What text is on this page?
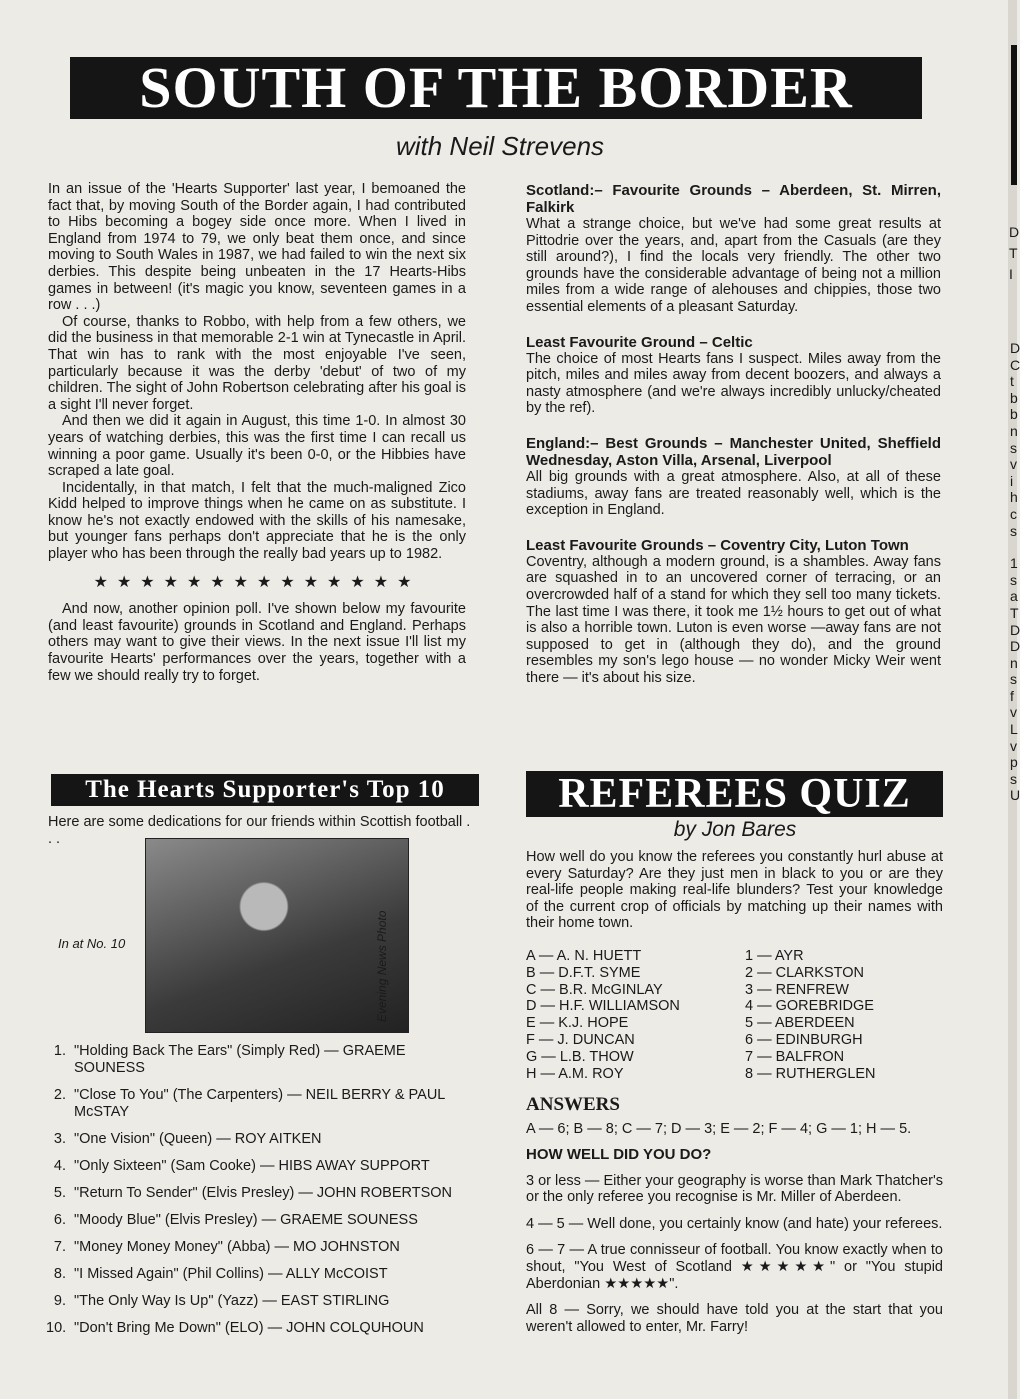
SOUTH OF THE BORDER
with Neil Strevens

In an issue of the 'Hearts Supporter' last year, I bemoaned the fact that, by moving South of the Border again, I had contributed to Hibs becoming a bogey side once more. When I lived in England from 1974 to 79, we only beat them once, and since moving to South Wales in 1987, we had failed to win the next six derbies. This despite being unbeaten in the 17 Hearts-Hibs games in between! (it's magic you know, seventeen games in a row . . .)

Of course, thanks to Robbo, with help from a few others, we did the business in that memorable 2-1 win at Tynecastle in April. That win has to rank with the most enjoyable I've seen, particularly because it was the derby 'debut' of two of my children. The sight of John Robertson celebrating after his goal is a sight I'll never forget.

And then we did it again in August, this time 1-0. In almost 30 years of watching derbies, this was the first time I can recall us winning a poor game. Usually it's been 0-0, or the Hibbies have scraped a late goal.

Incidentally, in that match, I felt that the much-maligned Zico Kidd helped to improve things when he came on as substitute. I know he's not exactly endowed with the skills of his namesake, but younger fans perhaps don't appreciate that he is the only player who has been through the really bad years up to 1982.

★★★★★★★★★★★★★★

And now, another opinion poll. I've shown below my favourite (and least favourite) grounds in Scotland and England. Perhaps others may want to give their views. In the next issue I'll list my favourite Hearts' performances over the years, together with a few we should really try to forget.

Scotland:– Favourite Grounds – Aberdeen, St. Mirren, Falkirk

What a strange choice, but we've had some great results at Pittodrie over the years, and, apart from the Casuals (are they still around?), I find the locals very friendly. The other two grounds have the considerable advantage of being not a million miles from a wide range of alehouses and chippies, those two essential elements of a pleasant Saturday.

Least Favourite Ground – Celtic

The choice of most Hearts fans I suspect. Miles away from the pitch, miles and miles away from decent boozers, and always a nasty atmosphere (and we're always incredibly unlucky/cheated by the ref).

England:– Best Grounds – Manchester United, Sheffield Wednesday, Aston Villa, Arsenal, Liverpool

All big grounds with a great atmosphere. Also, at all of these stadiums, away fans are treated reasonably well, which is the exception in England.

Least Favourite Grounds – Coventry City, Luton Town

Coventry, although a modern ground, is a shambles. Away fans are squashed in to an uncovered corner of terracing, or an overcrowded half of a stand for which they sell too many tickets. The last time I was there, it took me 1½ hours to get out of what is also a horrible town. Luton is even worse —away fans are not supposed to get in (although they do), and the ground resembles my son's lego house — no wonder Micky Weir went there — it's about his size.

The Hearts Supporter's Top 10
Here are some dedications for our friends within Scottish football . . .
In at No. 10	Evening News Photo
1. "Holding Back The Ears" (Simply Red) — GRAEME SOUNESS
2. "Close To You" (The Carpenters) — NEIL BERRY & PAUL McSTAY
3. "One Vision" (Queen) — ROY AITKEN
4. "Only Sixteen" (Sam Cooke) — HIBS AWAY SUPPORT
5. "Return To Sender" (Elvis Presley) — JOHN ROBERTSON
6. "Moody Blue" (Elvis Presley) — GRAEME SOUNESS
7. "Money Money Money" (Abba) — MO JOHNSTON
8. "I Missed Again" (Phil Collins) — ALLY McCOIST
9. "The Only Way Is Up" (Yazz) — EAST STIRLING
10. "Don't Bring Me Down" (ELO) — JOHN COLQUHOUN
REFEREES QUIZ
by Jon Bares

How well do you know the referees you constantly hurl abuse at every Saturday? Are they just men in black to you or are they real-life people making real-life blunders? Test your knowledge of the current crop of officials by matching up their names with their home town.

A — A. N. HUETT
B — D.F.T. SYME
C — B.R. McGINLAY
D — H.F. WILLIAMSON
E — K.J. HOPE
F — J. DUNCAN
G — L.B. THOW
H — A.M. ROY
1 — AYR
2 — CLARKSTON
3 — RENFREW
4 — GOREBRIDGE
5 — ABERDEEN
6 — EDINBURGH
7 — BALFRON
8 — RUTHERGLEN

ANSWERS

A — 6; B — 8; C — 7; D — 3; E — 2; F — 4; G — 1; H — 5.

HOW WELL DID YOU DO?

3 or less — Either your geography is worse than Mark Thatcher's or the only referee you recognise is Mr. Miller of Aberdeen.

4 — 5 — Well done, you certainly know (and hate) your referees.

6 — 7 — A true connisseur of football. You know exactly when to shout, "You West of Scotland ★★★★★" or "You stupid Aberdonian ★★★★★".

All 8 — Sorry, we should have told you at the start that you weren't allowed to enter, Mr. Farry!

D
T
I
D
C
t
b
b
n
s
v
i
h
c
s
1
s
a
T
D
D
n
s
f
v
L
v
p
s
U
